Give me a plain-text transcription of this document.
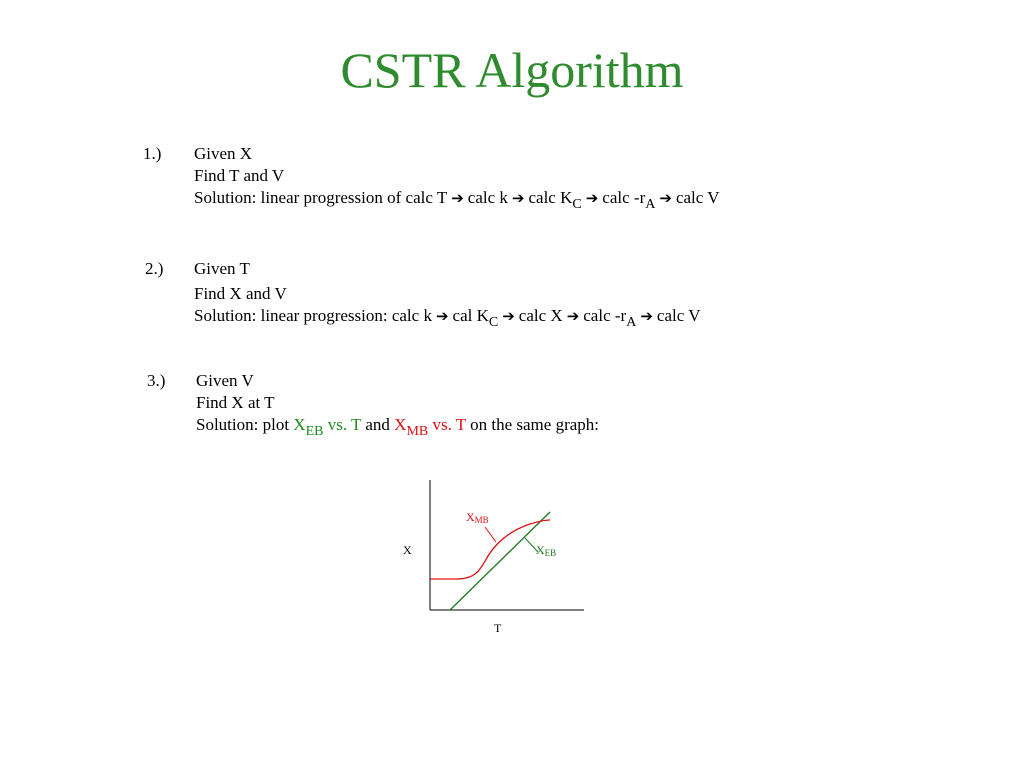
CSTR Algorithm
1.) Given X
Find T and V
Solution: linear progression of calc T ➔ calc k ➔ calc $K_C$ ➔ calc $-r_A$ ➔ calc V
2.) Given T
Find X and V
Solution: linear progression: calc k ➔ cal $K_C$ ➔ calc X ➔ calc $-r_A$ ➔ calc V
3.) Given V
Find X at T
Solution: plot $X_{EB}$ vs. T and $X_{MB}$ vs. T on the same graph:
X
T
XMB
XEB
